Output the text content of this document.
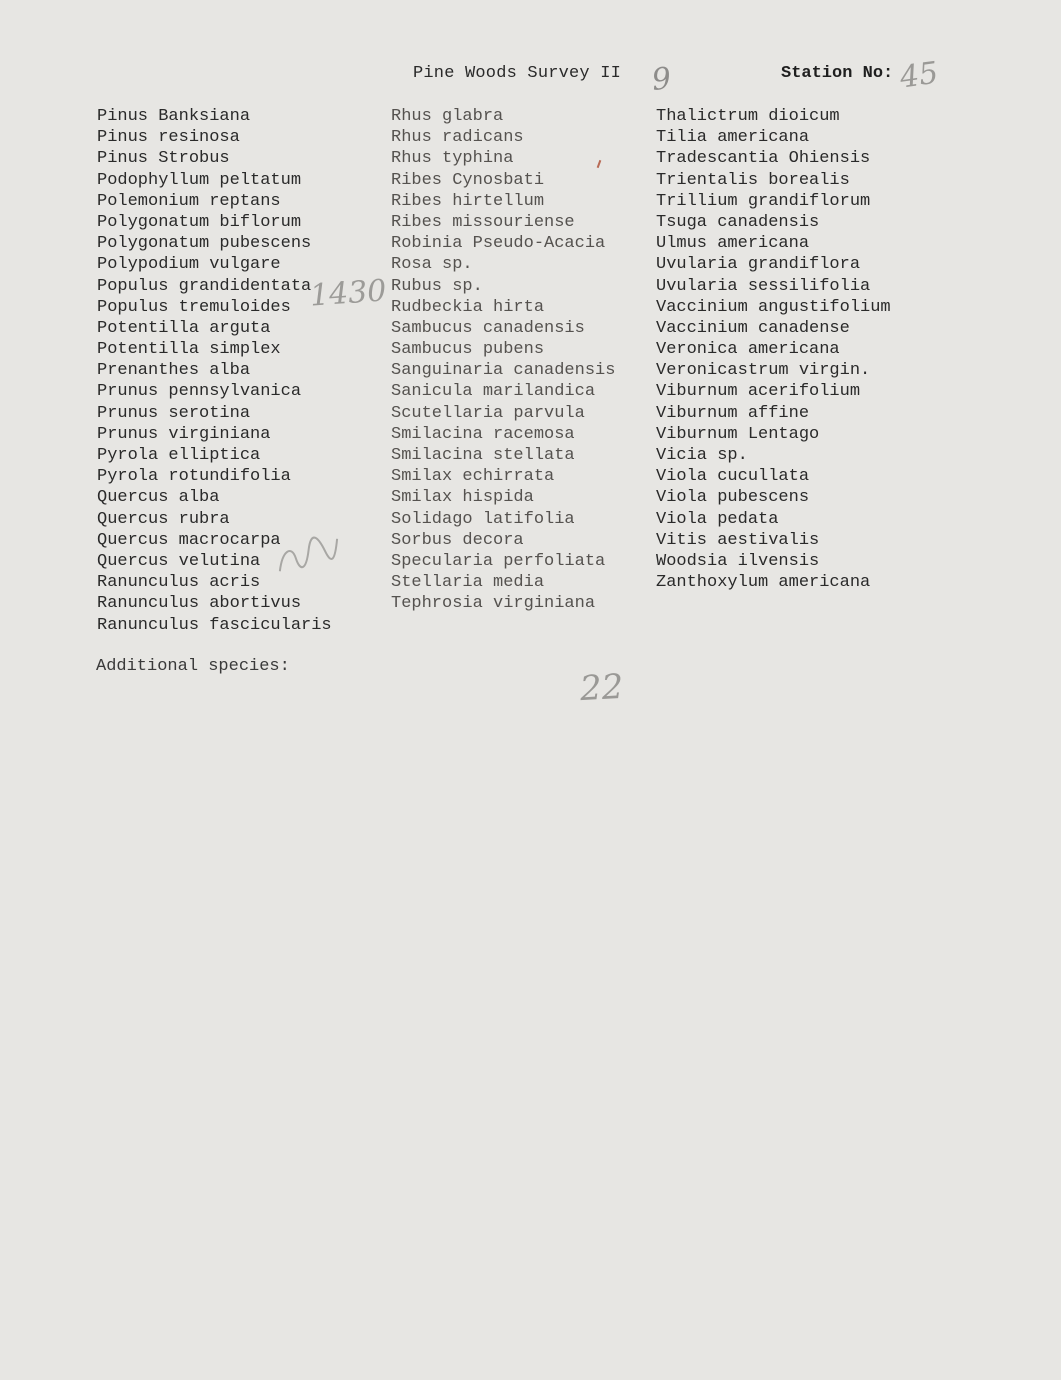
Pine Woods Survey II	Station No:
9	45
1430
22
Pinus Banksiana
Pinus resinosa
Pinus Strobus
Podophyllum peltatum
Polemonium reptans
Polygonatum biflorum
Polygonatum pubescens
Polypodium vulgare
Populus grandidentata
Populus tremuloides
Potentilla arguta
Potentilla simplex
Prenanthes alba
Prunus pennsylvanica
Prunus serotina
Prunus virginiana
Pyrola elliptica
Pyrola rotundifolia
Quercus alba
Quercus rubra
Quercus macrocarpa
Quercus velutina
Ranunculus acris
Ranunculus abortivus
Ranunculus fascicularis
Rhus glabra
Rhus radicans
Rhus typhina
Ribes Cynosbati
Ribes hirtellum
Ribes missouriense
Robinia Pseudo-Acacia
Rosa sp.
Rubus sp.
Rudbeckia hirta
Sambucus canadensis
Sambucus pubens
Sanguinaria canadensis
Sanicula marilandica
Scutellaria parvula
Smilacina racemosa
Smilacina stellata
Smilax echirrata
Smilax hispida
Solidago latifolia
Sorbus decora
Specularia perfoliata
Stellaria media
Tephrosia virginiana
Thalictrum dioicum
Tilia americana
Tradescantia Ohiensis
Trientalis borealis
Trillium grandiflorum
Tsuga canadensis
Ulmus americana
Uvularia grandiflora
Uvularia sessilifolia
Vaccinium angustifolium
Vaccinium canadense
Veronica americana
Veronicastrum virgin.
Viburnum acerifolium
Viburnum affine
Viburnum Lentago
Vicia sp.
Viola cucullata
Viola pubescens
Viola pedata
Vitis aestivalis
Woodsia ilvensis
Zanthoxylum americana
Additional species:
